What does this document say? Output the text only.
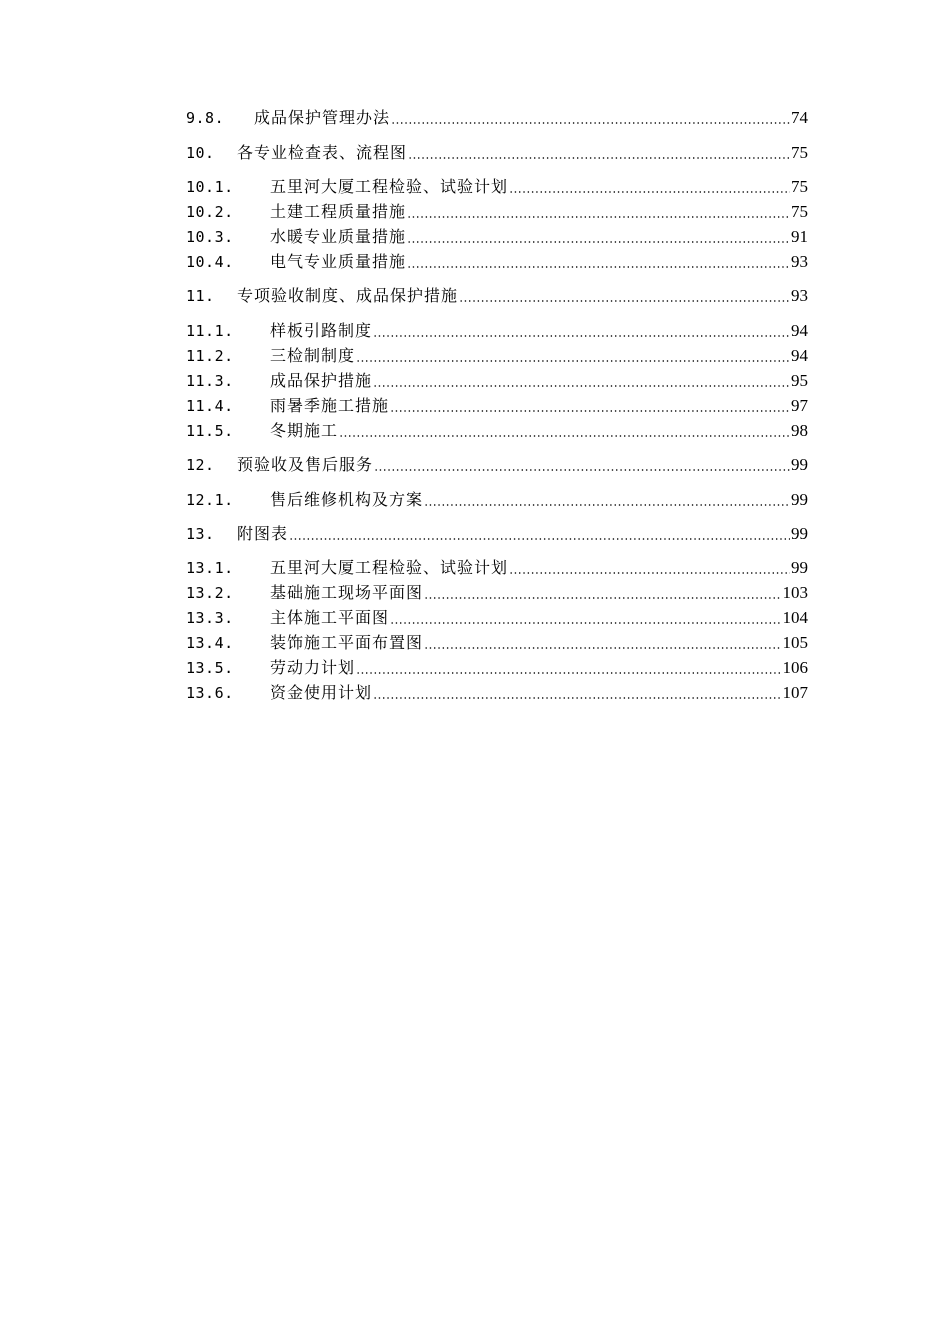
9.8.	成品保护管理办法	74
10.	各专业检查表、流程图	75
10.1.	五里河大厦工程检验、试验计划	75
10.2.	土建工程质量措施	75
10.3.	水暖专业质量措施	91
10.4.	电气专业质量措施	93
11.	专项验收制度、成品保护措施	93
11.1.	样板引路制度	94
11.2.	三检制制度	94
11.3.	成品保护措施	95
11.4.	雨暑季施工措施	97
11.5.	冬期施工	98
12.	预验收及售后服务	99
12.1.	售后维修机构及方案	99
13.	附图表	99
13.1.	五里河大厦工程检验、试验计划	99
13.2.	基础施工现场平面图	103
13.3.	主体施工平面图	104
13.4.	装饰施工平面布置图	105
13.5.	劳动力计划	106
13.6.	资金使用计划	107
